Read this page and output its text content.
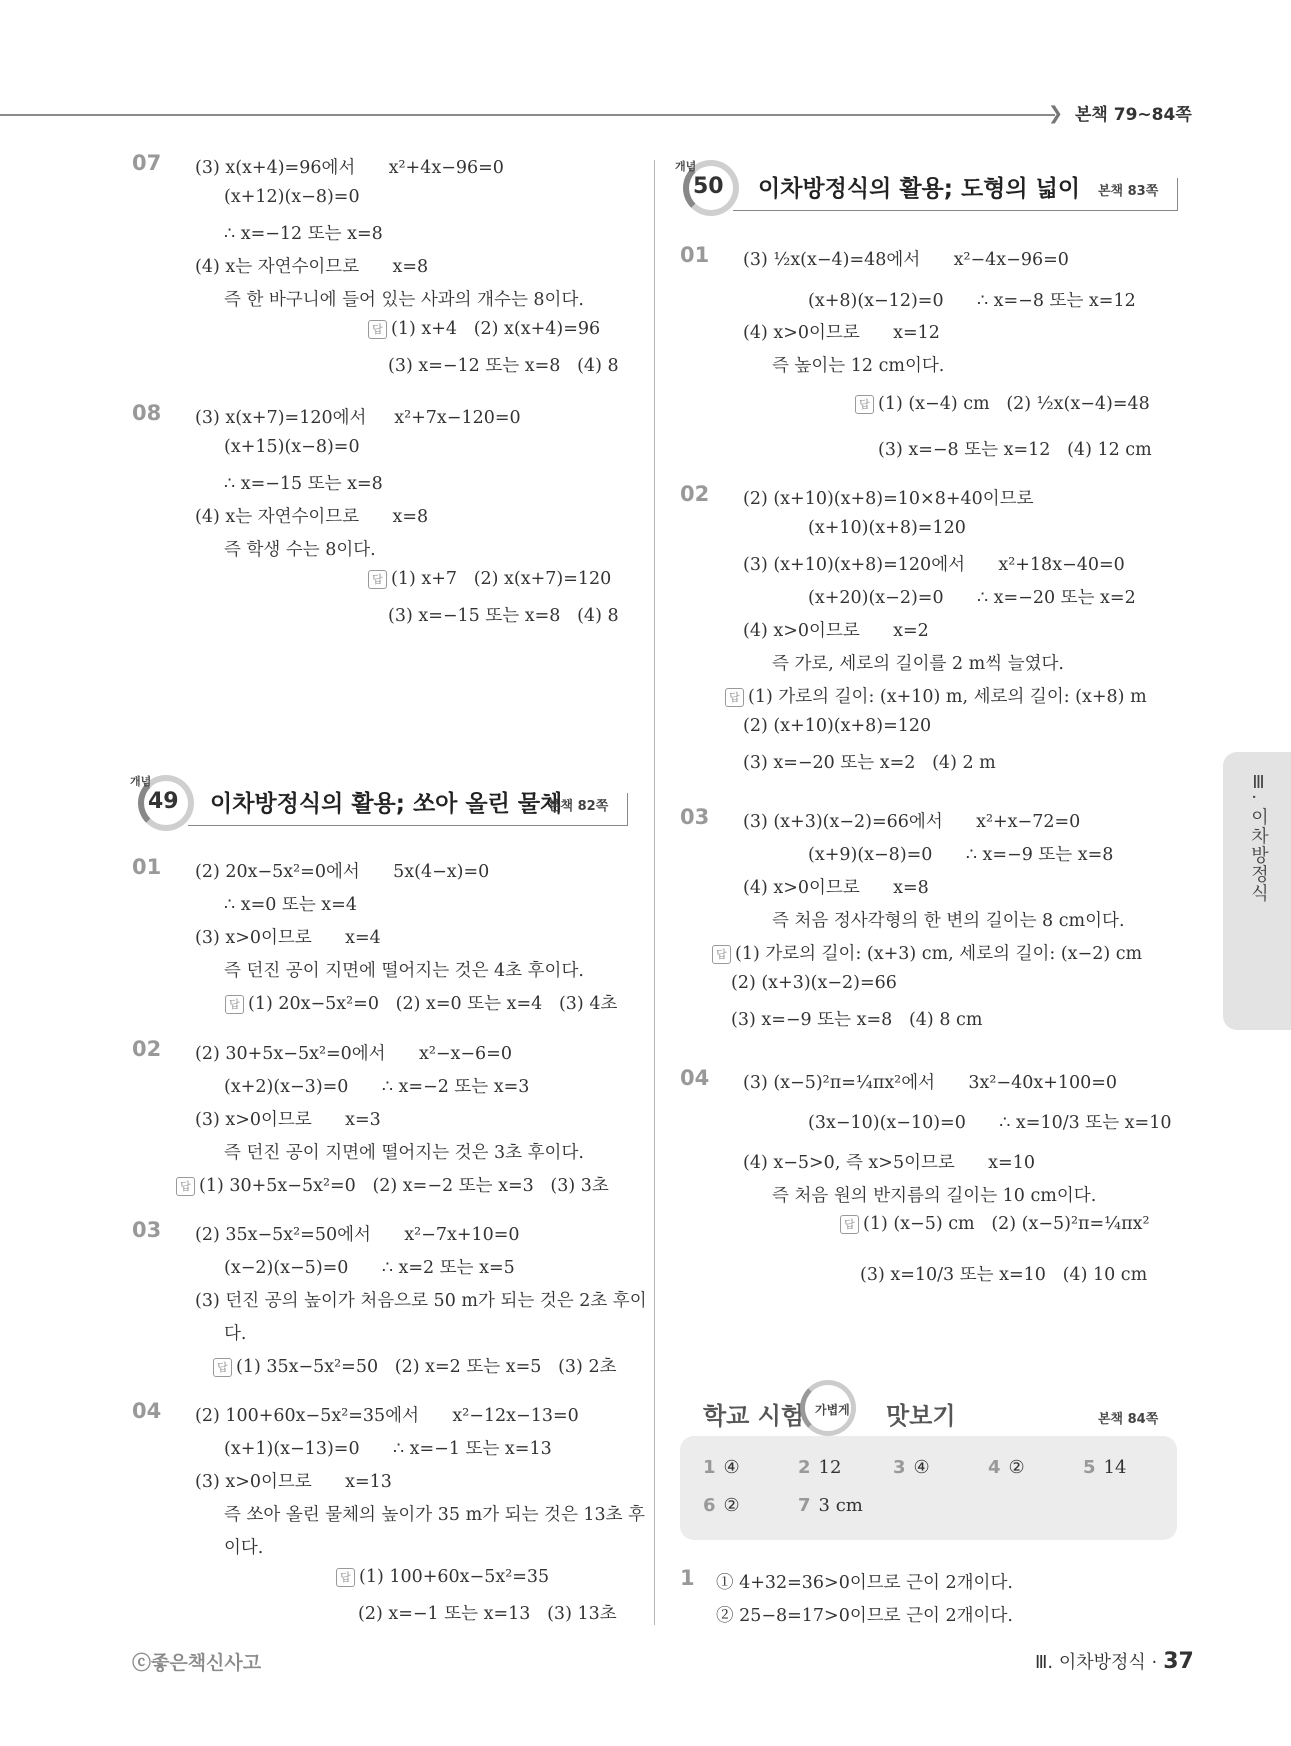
❯ 본책 79~84쪽
개념
49 이차방정식의 활용; 쏘아 올린 물체
본책 82쪽
개념
50 이차방정식의 활용; 도형의 넓이 본책 83쪽
07 (3) x(x+4)=96에서      x²+4x−96=0
(x+12)(x−8)=0
∴ x=−12 또는 x=8
(4) x는 자연수이므로      x=8
즉 한 바구니에 들어 있는 사과의 개수는 8이다.
답 (1) x+4   (2) x(x+4)=96
(3) x=−12 또는 x=8   (4) 8
08 (3) x(x+7)=120에서     x²+7x−120=0
(x+15)(x−8)=0
∴ x=−15 또는 x=8
(4) x는 자연수이므로      x=8
즉 학생 수는 8이다.
답 (1) x+7   (2) x(x+7)=120
(3) x=−15 또는 x=8   (4) 8
01 (2) 20x−5x²=0에서      5x(4−x)=0
∴ x=0 또는 x=4
(3) x>0이므로      x=4
즉 던진 공이 지면에 떨어지는 것은 4초 후이다.
답 (1) 20x−5x²=0   (2) x=0 또는 x=4   (3) 4초
02 (2) 30+5x−5x²=0에서      x²−x−6=0
(x+2)(x−3)=0      ∴ x=−2 또는 x=3
(3) x>0이므로      x=3
즉 던진 공이 지면에 떨어지는 것은 3초 후이다.
답 (1) 30+5x−5x²=0   (2) x=−2 또는 x=3   (3) 3초
03 (2) 35x−5x²=50에서      x²−7x+10=0
(x−2)(x−5)=0      ∴ x=2 또는 x=5
(3) 던진 공의 높이가 처음으로 50 m가 되는 것은 2초 후이
다.
답 (1) 35x−5x²=50   (2) x=2 또는 x=5   (3) 2초
04 (2) 100+60x−5x²=35에서      x²−12x−13=0
(x+1)(x−13)=0      ∴ x=−1 또는 x=13
(3) x>0이므로      x=13
즉 쏘아 올린 물체의 높이가 35 m가 되는 것은 13초 후
이다.
답 (1) 100+60x−5x²=35
(2) x=−1 또는 x=13   (3) 13초
01 (3) ½x(x−4)=48에서      x²−4x−96=0
(x+8)(x−12)=0      ∴ x=−8 또는 x=12
(4) x>0이므로      x=12
즉 높이는 12 cm이다.
답 (1) (x−4) cm   (2) ½x(x−4)=48
(3) x=−8 또는 x=12   (4) 12 cm
02 (2) (x+10)(x+8)=10×8+40이므로
(x+10)(x+8)=120
(3) (x+10)(x+8)=120에서      x²+18x−40=0
(x+20)(x−2)=0      ∴ x=−20 또는 x=2
(4) x>0이므로      x=2
즉 가로, 세로의 길이를 2 m씩 늘였다.
답 (1) 가로의 길이: (x+10) m, 세로의 길이: (x+8) m
(2) (x+10)(x+8)=120
(3) x=−20 또는 x=2   (4) 2 m
03 (3) (x+3)(x−2)=66에서      x²+x−72=0
(x+9)(x−8)=0      ∴ x=−9 또는 x=8
(4) x>0이므로      x=8
즉 처음 정사각형의 한 변의 길이는 8 cm이다.
답 (1) 가로의 길이: (x+3) cm, 세로의 길이: (x−2) cm
(2) (x+3)(x−2)=66
(3) x=−9 또는 x=8   (4) 8 cm
04 (3) (x−5)²π=¼πx²에서      3x²−40x+100=0
(3x−10)(x−10)=0      ∴ x=10/3 또는 x=10
(4) x−5>0, 즉 x>5이므로      x=10
즉 처음 원의 반지름의 길이는 10 cm이다.
답 (1) (x−5) cm   (2) (x−5)²π=¼πx²
(3) x=10/3 또는 x=10   (4) 10 cm
1 ① 4+32=36>0이므로 근이 2개이다.
② 25−8=17>0이므로 근이 2개이다.
학교 시험 가볍게 맛보기	본책 84쪽
1 ④	2 12	3 ④	4 ②	5 14
6 ②	7 3 cm
Ⅲ. 이차방정식
ⓒ좋은책신사고	Ⅲ. 이차방정식 · 37
